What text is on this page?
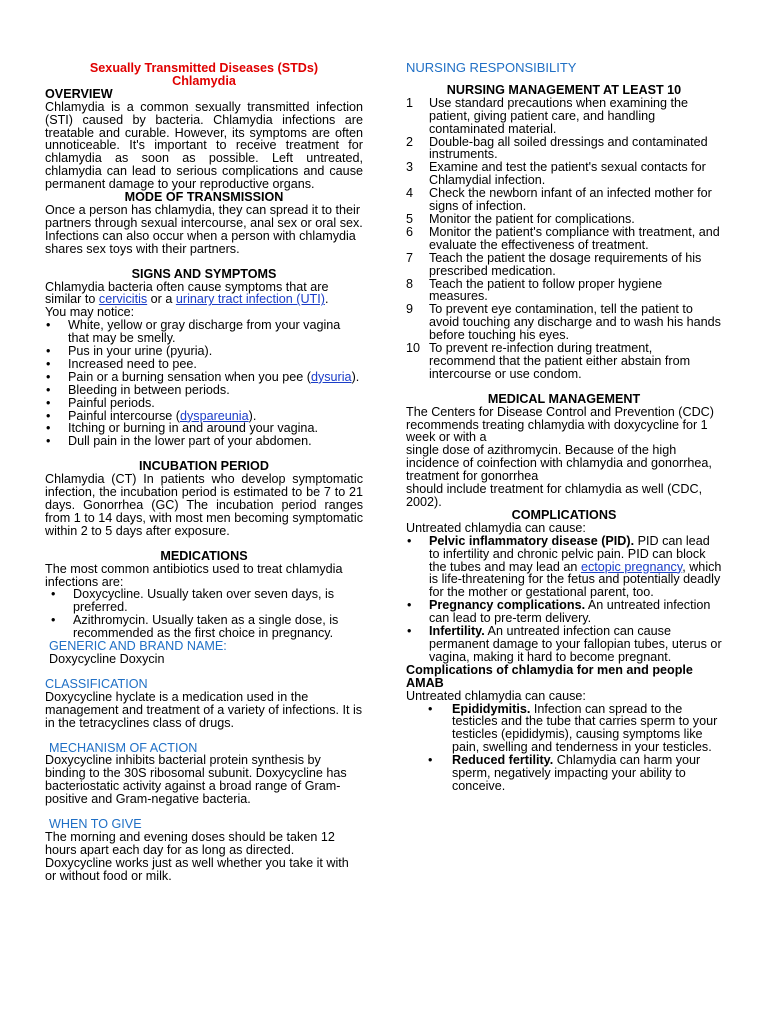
Sexually Transmitted Diseases (STDs)

Chlamydia

OVERVIEW

Chlamydia is a common sexually transmitted infection (STI) caused by bacteria. Chlamydia infections are treatable and curable. However, its symptoms are often unnoticeable. It's important to receive treatment for chlamydia as soon as possible. Left untreated, chlamydia can lead to serious complications and cause permanent damage to your reproductive organs.

MODE OF TRANSMISSION

Once a person has chlamydia, they can spread it to their partners through sexual intercourse, anal sex or oral sex. Infections can also occur when a person with chlamydia shares sex toys with their partners.

SIGNS AND SYMPTOMS

Chlamydia bacteria often cause symptoms that are similar to cervicitis or a urinary tract infection (UTI).

You may notice:

• White, yellow or gray discharge from your vagina that may be smelly.
• Pus in your urine (pyuria).
• Increased need to pee.
• Pain or a burning sensation when you pee (dysuria).
• Bleeding in between periods.
• Painful periods.
• Painful intercourse (dyspareunia).
• Itching or burning in and around your vagina.
• Dull pain in the lower part of your abdomen.

INCUBATION PERIOD

Chlamydia (CT) In patients who develop symptomatic infection, the incubation period is estimated to be 7 to 21 days. Gonorrhea (GC) The incubation period ranges from 1 to 14 days, with most men becoming symptomatic within 2 to 5 days after exposure.

MEDICATIONS

The most common antibiotics used to treat chlamydia infections are:

• Doxycycline. Usually taken over seven days, is preferred.
• Azithromycin. Usually taken as a single dose, is recommended as the first choice in pregnancy.

GENERIC AND BRAND NAME:

Doxycycline Doxycin

CLASSIFICATION

Doxycycline hyclate is a medication used in the management and treatment of a variety of infections. It is in the tetracyclines class of drugs.

MECHANISM OF ACTION

Doxycycline inhibits bacterial protein synthesis by binding to the 30S ribosomal subunit. Doxycycline has bacteriostatic activity against a broad range of Gram-positive and Gram-negative bacteria.

WHEN TO GIVE

The morning and evening doses should be taken 12 hours apart each day for as long as directed. Doxycycline works just as well whether you take it with or without food or milk.

NURSING RESPONSIBILITY

NURSING MANAGEMENT AT LEAST 10

1 Use standard precautions when examining the patient, giving patient care, and handling contaminated material.
2 Double-bag all soiled dressings and contaminated instruments.
3 Examine and test the patient's sexual contacts for Chlamydial infection.
4 Check the newborn infant of an infected mother for signs of infection.
5 Monitor the patient for complications.
6 Monitor the patient's compliance with treatment, and evaluate the effectiveness of treatment.
7 Teach the patient the dosage requirements of his prescribed medication.
8 Teach the patient to follow proper hygiene measures.
9 To prevent eye contamination, tell the patient to avoid touching any discharge and to wash his hands before touching his eyes.
10 To prevent re-infection during treatment, recommend that the patient either abstain from intercourse or use condom.

MEDICAL MANAGEMENT

The Centers for Disease Control and Prevention (CDC) recommends treating chlamydia with doxycycline for 1 week or with a

single dose of azithromycin. Because of the high incidence of coinfection with chlamydia and gonorrhea, treatment for gonorrhea

should include treatment for chlamydia as well (CDC, 2002).

COMPLICATIONS

Untreated chlamydia can cause:

• Pelvic inflammatory disease (PID). PID can lead to infertility and chronic pelvic pain. PID can block the tubes and may lead an ectopic pregnancy, which is life-threatening for the fetus and potentially deadly for the mother or gestational parent, too.
• Pregnancy complications. An untreated infection can lead to pre-term delivery.
• Infertility. An untreated infection can cause permanent damage to your fallopian tubes, uterus or vagina, making it hard to become pregnant.

Complications of chlamydia for men and people AMAB

Untreated chlamydia can cause:

• Epididymitis. Infection can spread to the testicles and the tube that carries sperm to your testicles (epididymis), causing symptoms like pain, swelling and tenderness in your testicles.
• Reduced fertility. Chlamydia can harm your sperm, negatively impacting your ability to conceive.
